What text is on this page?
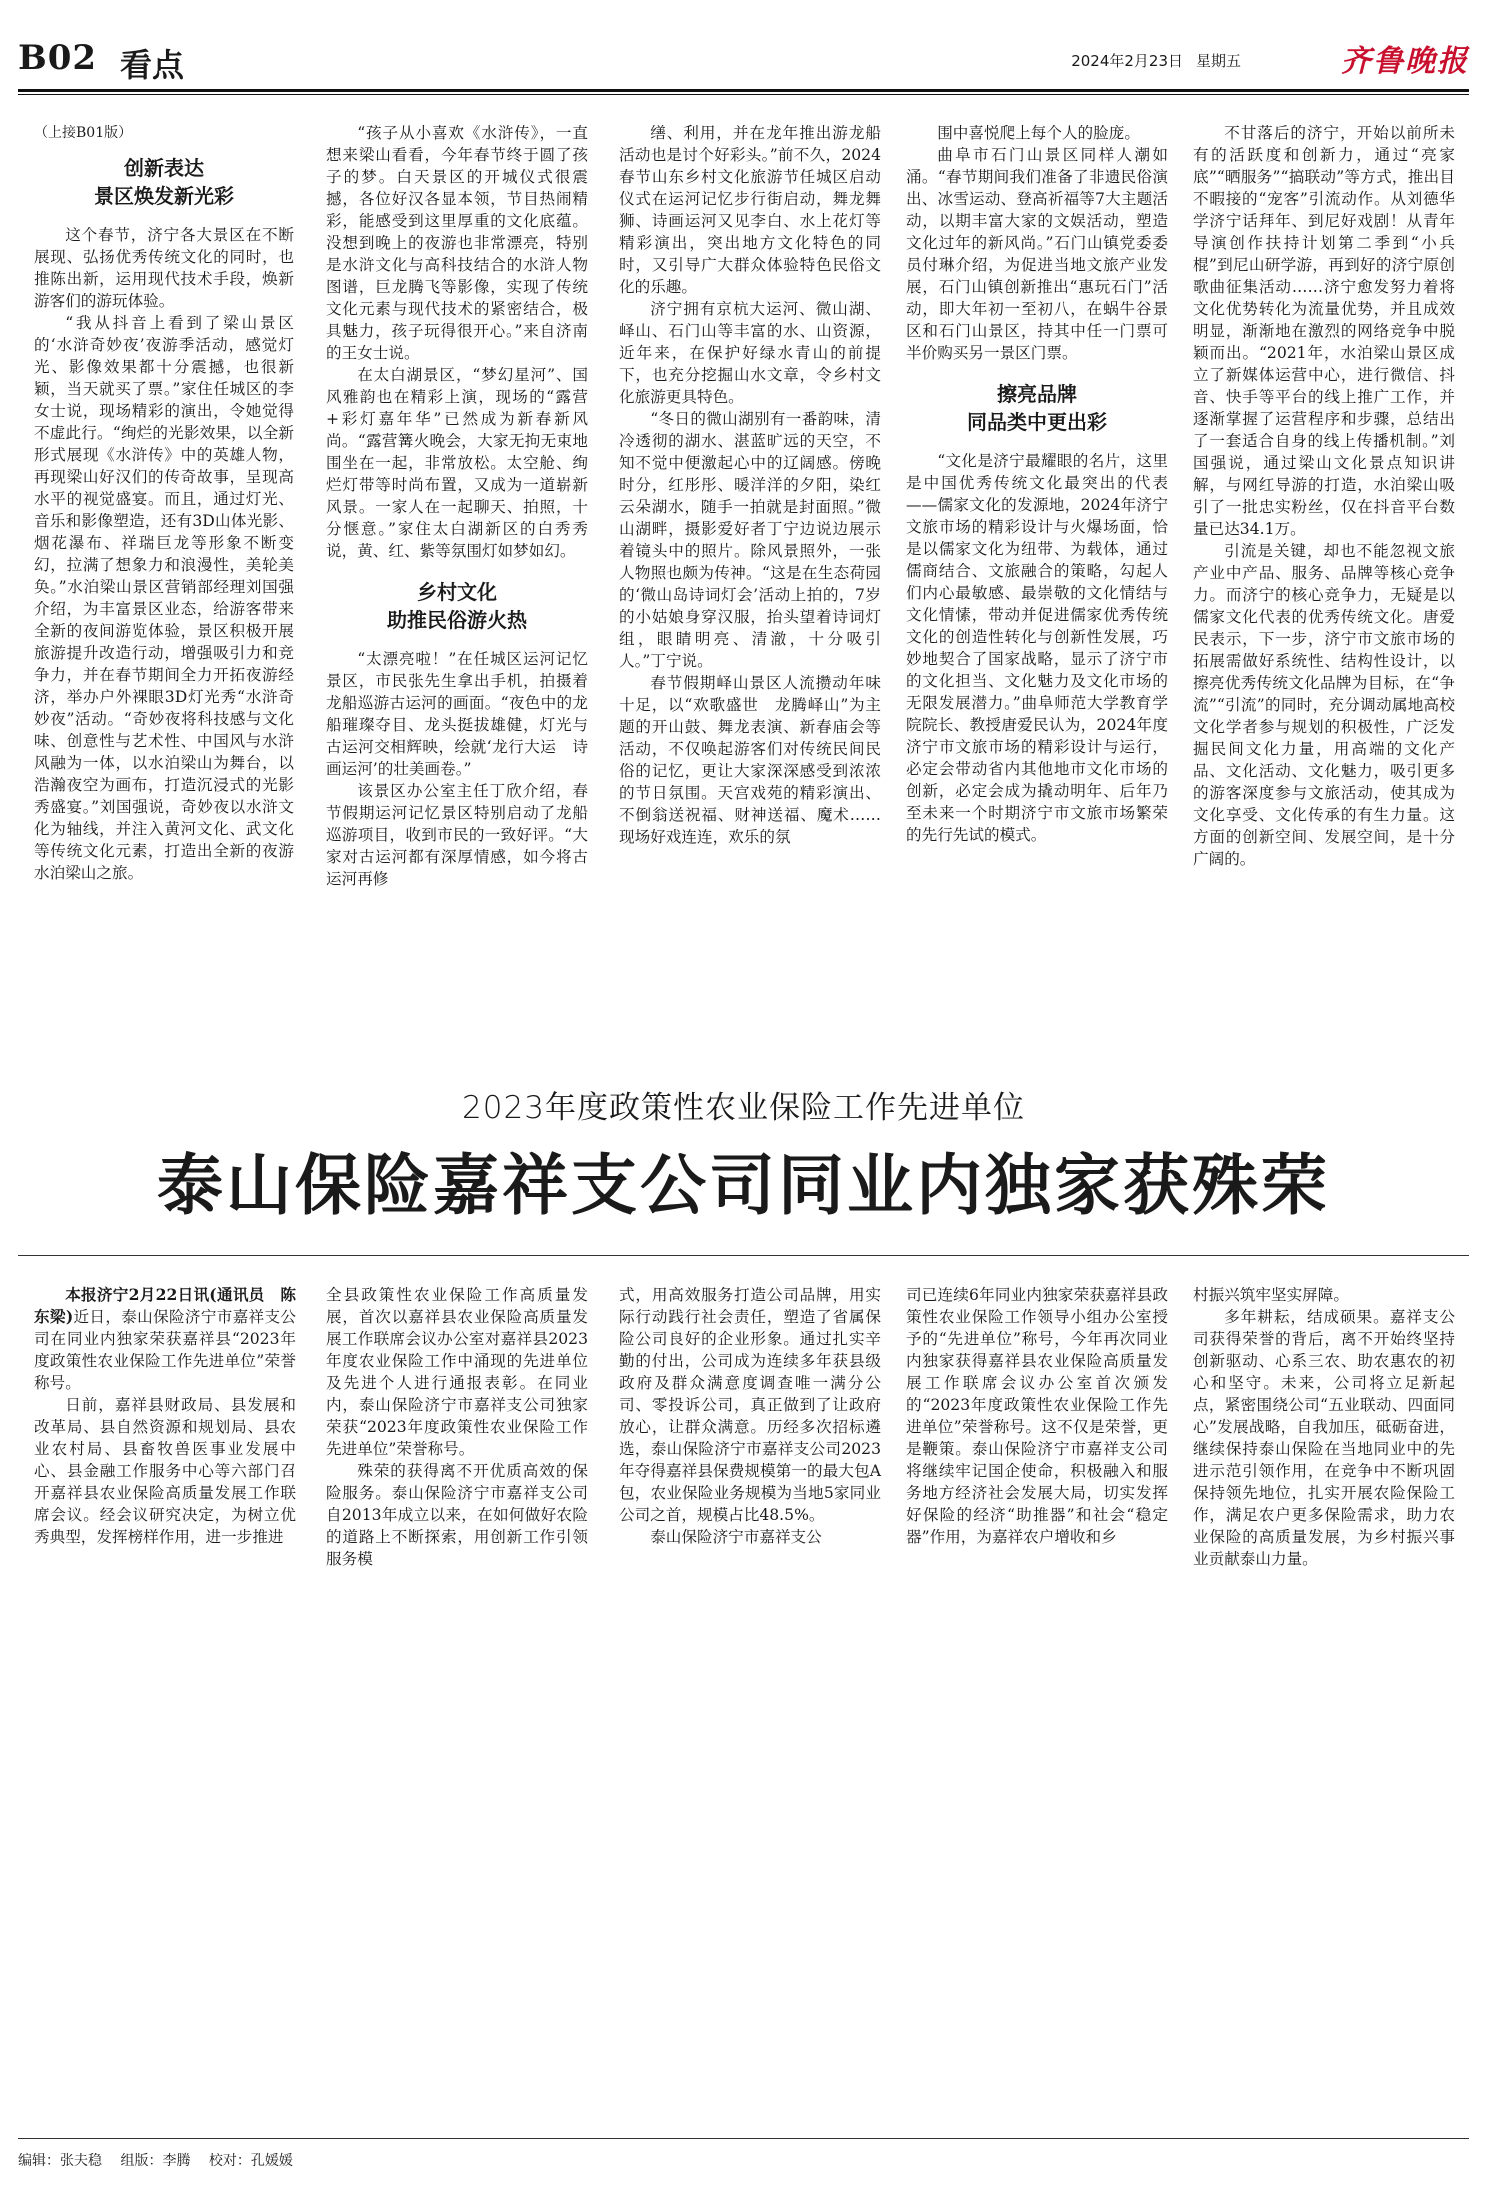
B02 看点	2024年2月23日 星期五	齐鲁晚报
（上接B01版）
创新表达
景区焕发新光彩

这个春节，济宁各大景区在不断展现、弘扬优秀传统文化的同时，也推陈出新，运用现代技术手段，焕新游客们的游玩体验。

“我从抖音上看到了梁山景区的‘水浒奇妙夜’夜游季活动，感觉灯光、影像效果都十分震撼，也很新颖，当天就买了票。”家住任城区的李女士说，现场精彩的演出，令她觉得不虚此行。“绚烂的光影效果，以全新形式展现《水浒传》中的英雄人物，再现梁山好汉们的传奇故事，呈现高水平的视觉盛宴。而且，通过灯光、音乐和影像塑造，还有3D山体光影、烟花瀑布、祥瑞巨龙等形象不断变幻，拉满了想象力和浪漫性，美轮美奂。”水泊梁山景区营销部经理刘国强介绍，为丰富景区业态，给游客带来全新的夜间游览体验，景区积极开展旅游提升改造行动，增强吸引力和竞争力，并在春节期间全力开拓夜游经济，举办户外裸眼3D灯光秀“水浒奇妙夜”活动。“奇妙夜将科技感与文化味、创意性与艺术性、中国风与水浒风融为一体，以水泊梁山为舞台，以浩瀚夜空为画布，打造沉浸式的光影秀盛宴。”刘国强说，奇妙夜以水浒文化为轴线，并注入黄河文化、武文化等传统文化元素，打造出全新的夜游水泊梁山之旅。

“孩子从小喜欢《水浒传》，一直想来梁山看看，今年春节终于圆了孩子的梦。白天景区的开城仪式很震撼，各位好汉各显本领，节目热闹精彩，能感受到这里厚重的文化底蕴。没想到晚上的夜游也非常漂亮，特别是水浒文化与高科技结合的水浒人物图谱，巨龙腾飞等影像，实现了传统文化元素与现代技术的紧密结合，极具魅力，孩子玩得很开心。”来自济南的王女士说。

在太白湖景区，“梦幻星河”、国风雅韵也在精彩上演，现场的“露营+彩灯嘉年华”已然成为新春新风尚。“露营篝火晚会，大家无拘无束地围坐在一起，非常放松。太空舱、绚烂灯带等时尚布置，又成为一道崭新风景。一家人在一起聊天、拍照，十分惬意。”家住太白湖新区的白秀秀说，黄、红、紫等氛围灯如梦如幻。

乡村文化
助推民俗游火热

“太漂亮啦！”在任城区运河记忆景区，市民张先生拿出手机，拍摄着龙船巡游古运河的画面。“夜色中的龙船璀璨夺目、龙头挺拔雄健，灯光与古运河交相辉映，绘就‘龙行大运　诗画运河’的壮美画卷。”

该景区办公室主任丁欣介绍，春节假期运河记忆景区特别启动了龙船巡游项目，收到市民的一致好评。“大家对古运河都有深厚情感，如今将古运河再修

缮、利用，并在龙年推出游龙船活动也是讨个好彩头。”前不久，2024春节山东乡村文化旅游节任城区启动仪式在运河记忆步行街启动，舞龙舞狮、诗画运河又见李白、水上花灯等精彩演出，突出地方文化特色的同时，又引导广大群众体验特色民俗文化的乐趣。

济宁拥有京杭大运河、微山湖、峄山、石门山等丰富的水、山资源，近年来，在保护好绿水青山的前提下，也充分挖掘山水文章，令乡村文化旅游更具特色。

“冬日的微山湖别有一番韵味，清冷透彻的湖水、湛蓝旷远的天空，不知不觉中便激起心中的辽阔感。傍晚时分，红彤彤、暖洋洋的夕阳，染红云朵湖水，随手一拍就是封面照。”微山湖畔，摄影爱好者丁宁边说边展示着镜头中的照片。除风景照外，一张人物照也颇为传神。“这是在生态荷园的‘微山岛诗词灯会’活动上拍的，7岁的小姑娘身穿汉服，抬头望着诗词灯组，眼睛明亮、清澈，十分吸引人。”丁宁说。

春节假期峄山景区人流攒动年味十足，以“欢歌盛世　龙腾峄山”为主题的开山鼓、舞龙表演、新春庙会等活动，不仅唤起游客们对传统民间民俗的记忆，更让大家深深感受到浓浓的节日氛围。天宫戏苑的精彩演出、不倒翁送祝福、财神送福、魔术……现场好戏连连，欢乐的氛

围中喜悦爬上每个人的脸庞。

曲阜市石门山景区同样人潮如涌。“春节期间我们准备了非遗民俗演出、冰雪运动、登高祈福等7大主题活动，以期丰富大家的文娱活动，塑造文化过年的新风尚。”石门山镇党委委员付琳介绍，为促进当地文旅产业发展，石门山镇创新推出“惠玩石门”活动，即大年初一至初八，在蜗牛谷景区和石门山景区，持其中任一门票可半价购买另一景区门票。

擦亮品牌
同品类中更出彩

“文化是济宁最耀眼的名片，这里是中国优秀传统文化最突出的代表——儒家文化的发源地，2024年济宁文旅市场的精彩设计与火爆场面，恰是以儒家文化为纽带、为载体，通过儒商结合、文旅融合的策略，勾起人们内心最敏感、最崇敬的文化情结与文化情愫，带动并促进儒家优秀传统文化的创造性转化与创新性发展，巧妙地契合了国家战略，显示了济宁市的文化担当、文化魅力及文化市场的无限发展潜力。”曲阜师范大学教育学院院长、教授唐爱民认为，2024年度济宁市文旅市场的精彩设计与运行，必定会带动省内其他地市文化市场的创新，必定会成为撬动明年、后年乃至未来一个时期济宁市文旅市场繁荣的先行先试的模式。

不甘落后的济宁，开始以前所未有的活跃度和创新力，通过“亮家底”“晒服务”“搞联动”等方式，推出目不暇接的“宠客”引流动作。从刘德华学济宁话拜年、到尼好戏剧！从青年导演创作扶持计划第二季到“小兵棍”到尼山研学游，再到好的济宁原创歌曲征集活动……济宁愈发努力着将文化优势转化为流量优势，并且成效明显，渐渐地在激烈的网络竞争中脱颖而出。“2021年，水泊梁山景区成立了新媒体运营中心，进行微信、抖音、快手等平台的线上推广工作，并逐渐掌握了运营程序和步骤，总结出了一套适合自身的线上传播机制。”刘国强说，通过梁山文化景点知识讲解，与网红导游的打造，水泊梁山吸引了一批忠实粉丝，仅在抖音平台数量已达34.1万。

引流是关键，却也不能忽视文旅产业中产品、服务、品牌等核心竞争力。而济宁的核心竞争力，无疑是以儒家文化代表的优秀传统文化。唐爱民表示，下一步，济宁市文旅市场的拓展需做好系统性、结构性设计，以擦亮优秀传统文化品牌为目标，在“争流”“引流”的同时，充分调动属地高校文化学者参与规划的积极性，广泛发掘民间文化力量，用高端的文化产品、文化活动、文化魅力，吸引更多的游客深度参与文旅活动，使其成为文化享受、文化传承的有生力量。这方面的创新空间、发展空间，是十分广阔的。

2023年度政策性农业保险工作先进单位
泰山保险嘉祥支公司同业内独家获殊荣

本报济宁2月22日讯(通讯员　陈东梁)近日，泰山保险济宁市嘉祥支公司在同业内独家荣获嘉祥县“2023年度政策性农业保险工作先进单位”荣誉称号。

日前，嘉祥县财政局、县发展和改革局、县自然资源和规划局、县农业农村局、县畜牧兽医事业发展中心、县金融工作服务中心等六部门召开嘉祥县农业保险高质量发展工作联席会议。经会议研究决定，为树立优秀典型，发挥榜样作用，进一步推进

全县政策性农业保险工作高质量发展，首次以嘉祥县农业保险高质量发展工作联席会议办公室对嘉祥县2023年度农业保险工作中涌现的先进单位及先进个人进行通报表彰。在同业内，泰山保险济宁市嘉祥支公司独家荣获“2023年度政策性农业保险工作先进单位”荣誉称号。

殊荣的获得离不开优质高效的保险服务。泰山保险济宁市嘉祥支公司自2013年成立以来，在如何做好农险的道路上不断探索，用创新工作引领服务模

式，用高效服务打造公司品牌，用实际行动践行社会责任，塑造了省属保险公司良好的企业形象。通过扎实辛勤的付出，公司成为连续多年获县级政府及群众满意度调查唯一满分公司、零投诉公司，真正做到了让政府放心，让群众满意。历经多次招标遴选，泰山保险济宁市嘉祥支公司2023年夺得嘉祥县保费规模第一的最大包A包，农业保险业务规模为当地5家同业公司之首，规模占比48.5%。

泰山保险济宁市嘉祥支公

司已连续6年同业内独家荣获嘉祥县政策性农业保险工作领导小组办公室授予的“先进单位”称号，今年再次同业内独家获得嘉祥县农业保险高质量发展工作联席会议办公室首次颁发的“2023年度政策性农业保险工作先进单位”荣誉称号。这不仅是荣誉，更是鞭策。泰山保险济宁市嘉祥支公司将继续牢记国企使命，积极融入和服务地方经济社会发展大局，切实发挥好保险的经济“助推器”和社会“稳定器”作用，为嘉祥农户增收和乡

村振兴筑牢坚实屏障。

多年耕耘，结成硕果。嘉祥支公司获得荣誉的背后，离不开始终坚持创新驱动、心系三农、助农惠农的初心和坚守。未来，公司将立足新起点，紧密围绕公司“五业联动、四面同心”发展战略，自我加压，砥砺奋进，继续保持泰山保险在当地同业中的先进示范引领作用，在竞争中不断巩固保持领先地位，扎实开展农险保险工作，满足农户更多保险需求，助力农业保险的高质量发展，为乡村振兴事业贡献泰山力量。

编辑：张夫稳 组版：李腾 校对：孔媛媛
